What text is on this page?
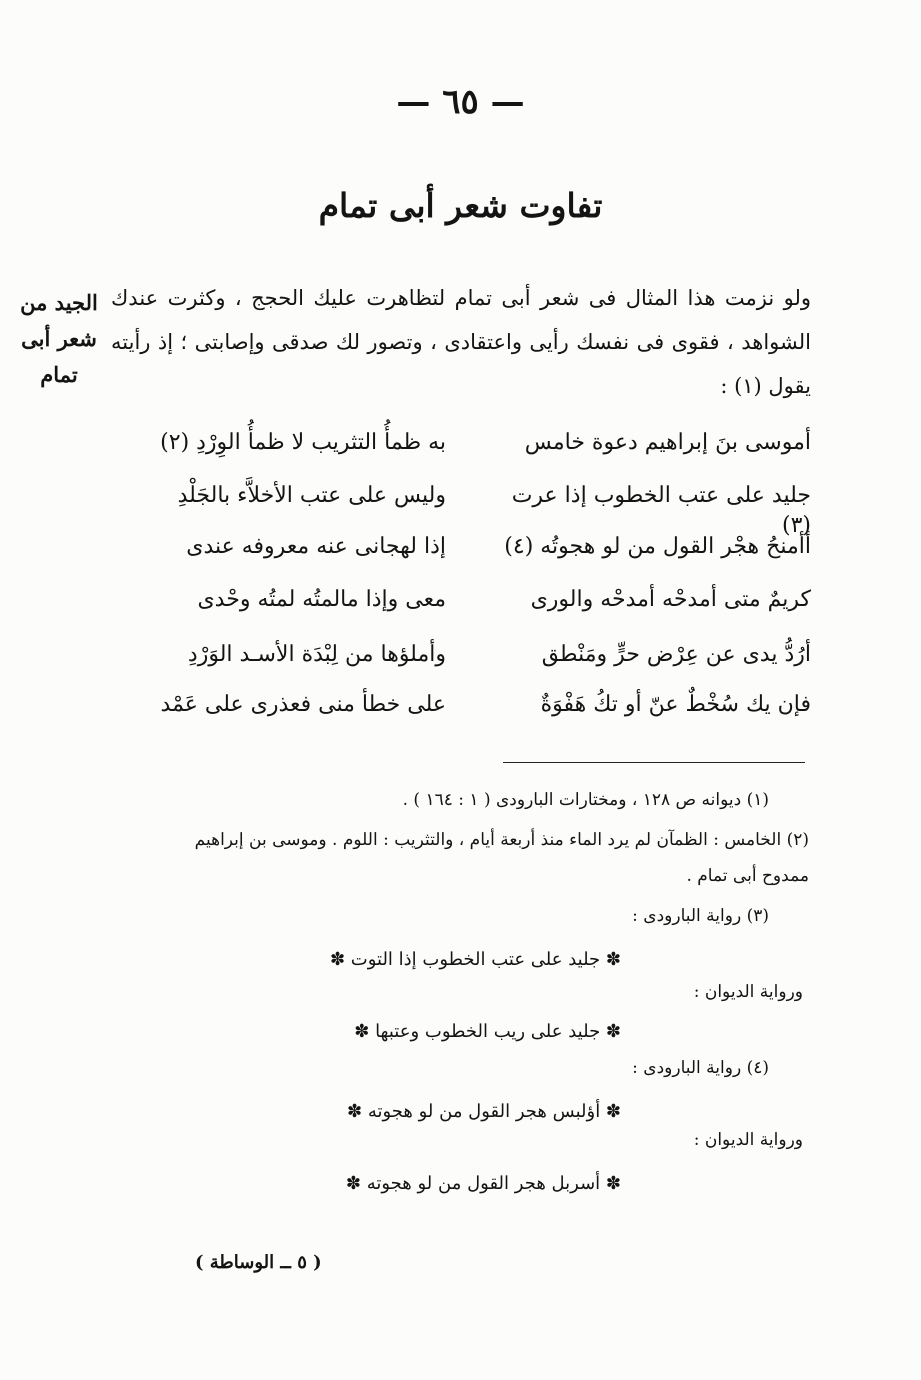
— ٦٥ —
تفاوت شعر أبى تمام
الجيد من شعر أبى تمام
ولو نزمت هذا المثال فى شعر أبى تمام لتظاهرت عليك الحجج ، وكثرت عندك الشواهد ، فقوى فى نفسك رأيى واعتقادى ، وتصور لك صدقى وإصابتى ؛ إذ رأيته يقول (١) :
أموسى بنَ إبراهيم دعوة خامس
به ظمأُ التثريب لا ظمأُ الوِرْدِ (٢)
جليد على عتب الخطوب إذا عرت (٣)
وليس على عتب الأخلاَّء بالجَلْدِ
أأمنحُ هجْر القول من لو هجوتُه (٤)
إذا لهجانى عنه معروفه عندى
كريمٌ متى أمدحْه أمدحْه والورى
معى وإذا مالمتُه لمتُه وحْدى
أرُدُّ يدى عن عِرْض حرٍّ ومَنْطق
وأملؤها من لِبْدَة الأسـد الوَرْدِ
فإن يك سُخْطٌ عنّ أو تكُ هَفْوَةٌ
على خطأ منى فعذرى على عَمْد
(١) ديوانه ص ١٢٨ ، ومختارات البارودى ( ١ : ١٦٤ ) .
(٢) الخامس : الظمآن لم يرد الماء منذ أربعة أيام ، والتثريب : اللوم . وموسى بن إبراهيم
ممدوح أبى تمام .
(٣) رواية البارودى :
✽ جليد على عتب الخطوب إذا التوت ✽
ورواية الديوان :
✽ جليد على ريب الخطوب وعتبها ✽
(٤) رواية البارودى :
✽ أؤلبس هجر القول من لو هجوته ✽
ورواية الديوان :
✽ أسربل هجر القول من لو هجوته ✽
( ٥ ــ الوساطة )
